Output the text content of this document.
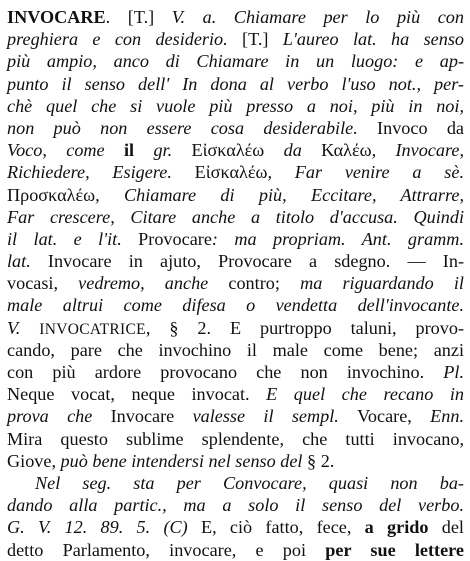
INVOCARE. [T.] V. a. Chiamare per lo più con
preghiera e con desiderio. [T.] L'aureo lat. ha senso
più ampio, anco di Chiamare in un luogo: e ap-
punto il senso dell' In dona al verbo l'uso not., per-
chè quel che si vuole più presso a noi, più in noi,
non può non essere cosa desiderabile. Invoco da
Voco, come il gr. Εἰσκαλέω da Καλέω, Invocare,
Richiedere, Esigere. Εἰσκαλέω, Far venire a sè.
Προσκαλέω, Chiamare di più, Eccitare, Attrarre,
Far crescere, Citare anche a titolo d'accusa. Quindi
il lat. e l'it. Provocare: ma propriam. Ant. gramm.
lat. Invocare in ajuto, Provocare a sdegno. — In-
vocasi, vedremo, anche contro; ma riguardando il
male altrui come difesa o vendetta dell'invocante.
V. INVOCATRICE, § 2. E purtroppo taluni, provo-
cando, pare che invochino il male come bene; anzi
con più ardore provocano che non invochino. Pl.
Neque vocat, neque invocat. E quel che recano in
prova che Invocare valesse il sempl. Vocare, Enn.
Mira questo sublime splendente, che tutti invocano,
Giove, può bene intendersi nel senso del § 2.
Nel seg. sta per Convocare, quasi non ba-
dando alla partic., ma a solo il senso del verbo.
G. V. 12. 89. 5. (C) E, ciò fatto, fece, a grido del
detto Parlamento, invocare, e poi per sue lettere
